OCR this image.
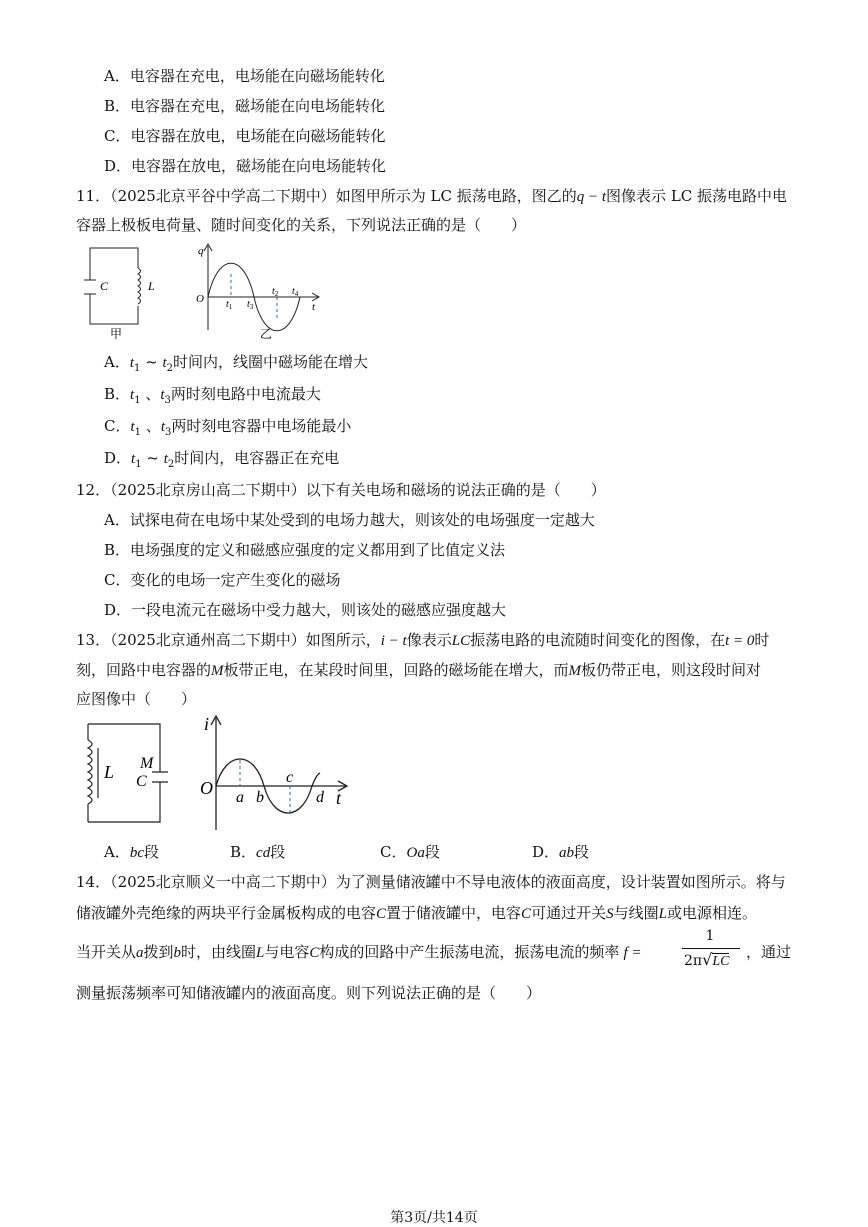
A．电容器在充电，电场能在向磁场能转化
B．电容器在充电，磁场能在向电场能转化
C．电容器在放电，电场能在向磁场能转化
D．电容器在放电，磁场能在向电场能转化
11．（2025北京平谷中学高二下期中）如图甲所示为 LC 振荡电路，图乙的q − t图像表示 LC 振荡电路中电
容器上极板电荷量、随时间变化的关系，下列说法正确的是（　　）
C	L
甲
q
O
t
$t_1$ $t_3$
$t_2$ $t_4$
乙
A．$t_1$ ~ $t_2$时间内，线圈中磁场能在增大
B．$t_1$ 、$t_3$两时刻电路中电流最大
C．$t_1$ 、$t_3$两时刻电容器中电场能最小
D．$t_1$ ~ $t_2$时间内，电容器正在充电
12．（2025北京房山高二下期中）以下有关电场和磁场的说法正确的是（　　）
A．试探电荷在电场中某处受到的电场力越大，则该处的电场强度一定越大
B．电场强度的定义和磁感应强度的定义都用到了比值定义法
C．变化的电场一定产生变化的磁场
D．一段电流元在磁场中受力越大，则该处的磁感应强度越大
13．（2025北京通州高二下期中）如图所示，i − t像表示LC振荡电路的电流随时间变化的图像，在t = 0时
刻，回路中电容器的M板带正电，在某段时间里，回路的磁场能在增大，而M板仍带正电，则这段时间对
应图像中（　　）
L M
C
i
O a b
c
d t
A．bc段	B．cd段	C．Oa段	D．ab段
14．（2025北京顺义一中高二下期中）为了测量储液罐中不导电液体的液面高度，设计装置如图所示。将与
储液罐外壳绝缘的两块平行金属板构成的电容C置于储液罐中，电容C可通过开关S与线圈L或电源相连。
当开关从a拨到b时，由线圈L与电容C构成的回路中产生振荡电流，振荡电流的频率 f =
1
2π√LC
，通过
测量振荡频率可知储液罐内的液面高度。则下列说法正确的是（　　）
第3页/共14页
